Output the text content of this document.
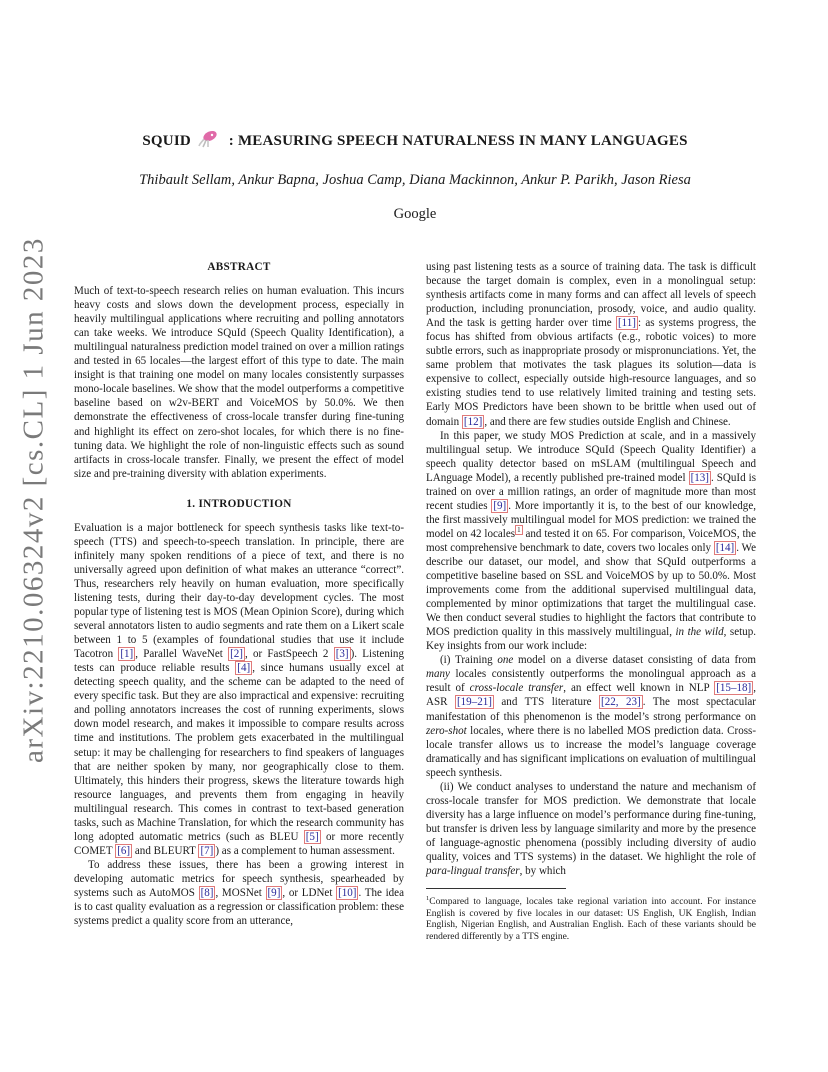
arXiv:2210.06324v2 [cs.CL] 1 Jun 2023
SQUID	: MEASURING SPEECH NATURALNESS IN MANY LANGUAGES
Thibault Sellam, Ankur Bapna, Joshua Camp, Diana Mackinnon, Ankur P. Parikh, Jason Riesa
Google
ABSTRACT

Much of text-to-speech research relies on human evaluation. This incurs heavy costs and slows down the development process, especially in heavily multilingual applications where recruiting and polling annotators can take weeks. We introduce SQuId (Speech Quality Identification), a multilingual naturalness prediction model trained on over a million ratings and tested in 65 locales—the largest effort of this type to date. The main insight is that training one model on many locales consistently surpasses mono-locale baselines. We show that the model outperforms a competitive baseline based on w2v-BERT and VoiceMOS by 50.0%. We then demonstrate the effectiveness of cross-locale transfer during fine-tuning and highlight its effect on zero-shot locales, for which there is no fine-tuning data. We highlight the role of non-linguistic effects such as sound artifacts in cross-locale transfer. Finally, we present the effect of model size and pre-training diversity with ablation experiments.

1. INTRODUCTION

Evaluation is a major bottleneck for speech synthesis tasks like text-to-speech (TTS) and speech-to-speech translation. In principle, there are infinitely many spoken renditions of a piece of text, and there is no universally agreed upon definition of what makes an utterance “correct”. Thus, researchers rely heavily on human evaluation, more specifically listening tests, during their day-to-day development cycles. The most popular type of listening test is MOS (Mean Opinion Score), during which several annotators listen to audio segments and rate them on a Likert scale between 1 to 5 (examples of foundational studies that use it include Tacotron [1] , Parallel WaveNet [2] , or FastSpeech 2 [3] ). Listening tests can produce reliable results [4] , since humans usually excel at detecting speech quality, and the scheme can be adapted to the need of every specific task. But they are also impractical and expensive: recruiting and polling annotators increases the cost of running experiments, slows down model research, and makes it impossible to compare results across time and institutions. The problem gets exacerbated in the multilingual setup: it may be challenging for researchers to find speakers of languages that are neither spoken by many, nor geographically close to them. Ultimately, this hinders their progress, skews the literature towards high resource languages, and prevents them from engaging in heavily multilingual research. This comes in contrast to text-based generation tasks, such as Machine Translation, for which the research community has long adopted automatic metrics (such as BLEU [5] or more recently COMET [6] and BLEURT [7] ) as a complement to human assessment.

To address these issues, there has been a growing interest in developing automatic metrics for speech synthesis, spearheaded by systems such as AutoMOS [8] , MOSNet [9] , or LDNet [10] . The idea is to cast quality evaluation as a regression or classification problem: these systems predict a quality score from an utterance,

using past listening tests as a source of training data. The task is difficult because the target domain is complex, even in a monolingual setup: synthesis artifacts come in many forms and can affect all levels of speech production, including pronunciation, prosody, voice, and audio quality. And the task is getting harder over time [11] : as systems progress, the focus has shifted from obvious artifacts (e.g., robotic voices) to more subtle errors, such as inappropriate prosody or mispronunciations. Yet, the same problem that motivates the task plagues its solution—data is expensive to collect, especially outside high-resource languages, and so existing studies tend to use relatively limited training and testing sets. Early MOS Predictors have been shown to be brittle when used out of domain [12] , and there are few studies outside English and Chinese.

In this paper, we study MOS Prediction at scale, and in a massively multilingual setup. We introduce SQuId (Speech Quality Identifier) a speech quality detector based on mSLAM (multilingual Speech and LAnguage Model), a recently published pre-trained model [13] . SQuId is trained on over a million ratings, an order of magnitude more than most recent studies [9] . More importantly it is, to the best of our knowledge, the first massively multilingual model for MOS prediction: we trained the model on 42 locales $^1$ and tested it on 65. For comparison, VoiceMOS, the most comprehensive benchmark to date, covers two locales only [14] . We describe our dataset, our model, and show that SQuId outperforms a competitive baseline based on SSL and VoiceMOS by up to 50.0%. Most improvements come from the additional supervised multilingual data, complemented by minor optimizations that target the multilingual case. We then conduct several studies to highlight the factors that contribute to MOS prediction quality in this massively multilingual, in the wild, setup. Key insights from our work include:

(i) Training one model on a diverse dataset consisting of data from many locales consistently outperforms the monolingual approach as a result of cross-locale transfer, an effect well known in NLP [15–18] , ASR [19–21] and TTS literature [22, 23] . The most spectacular manifestation of this phenomenon is the model’s strong performance on zero-shot locales, where there is no labelled MOS prediction data. Cross-locale transfer allows us to increase the model’s language coverage dramatically and has significant implications on evaluation of multilingual speech synthesis.

(ii) We conduct analyses to understand the nature and mechanism of cross-locale transfer for MOS prediction. We demonstrate that locale diversity has a large influence on model’s performance during fine-tuning, but transfer is driven less by language similarity and more by the presence of language-agnostic phenomena (possibly including diversity of audio quality, voices and TTS systems) in the dataset. We highlight the role of para-lingual transfer, by which

$^1$Compared to language, locales take regional variation into account. For instance English is covered by five locales in our dataset: US English, UK English, Indian English, Nigerian English, and Australian English. Each of these variants should be rendered differently by a TTS engine.
